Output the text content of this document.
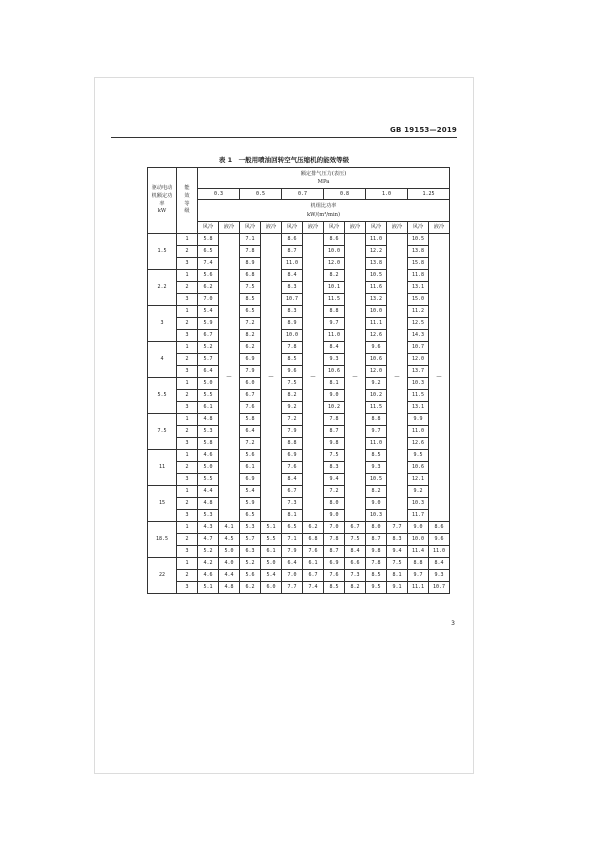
GB 19153—2019
表 1　一般用喷油回转空气压缩机的能效等级
驱动电动机额定功率
kW	能效等级	额定排气压力(表压)
MPa											
		0.3		0.5		0.7		0.8		1.0		1.25	

		机组比功率
kW/(m³/min)											
		风冷	液冷	风冷	液冷	风冷	液冷	风冷	液冷	风冷	液冷	风冷	液冷
1.5	1	5.8	—	7.1	—	8.6	—	8.6	—	11.0	—	10.5	—
	2	6.5		7.8		8.7		10.0		12.2		13.8	
	3	7.4		8.9		11.0		12.0		13.8		15.8	
2.2	1	5.6		6.8		8.4		8.2		10.5		11.8	
	2	6.2		7.5		8.3		10.1		11.6		13.1	
	3	7.0		8.5		10.7		11.5		13.2		15.0	
3	1	5.4		6.5		8.3		8.8		10.0		11.2	
	2	5.9		7.2		8.9		9.7		11.1		12.5	
	3	6.7		8.2		10.0		11.0		12.6		14.3	
4	1	5.2		6.2		7.8		8.4		9.6		10.7	
	2	5.7		6.9		8.5		9.3		10.6		12.0	
	3	6.4		7.9		9.6		10.6		12.0		13.7	
5.5	1	5.0		6.0		7.5		8.1		9.2		10.3	
	2	5.5		6.7		8.2		9.0		10.2		11.5	
	3	6.1		7.6		9.2		10.2		11.5		13.1	
7.5	1	4.8		5.8		7.2		7.8		8.8		9.9	
	2	5.3		6.4		7.9		8.7		9.7		11.0	
	3	5.8		7.2		8.8		9.8		11.0		12.6	
11	1	4.6		5.6		6.9		7.5		8.5		9.5	
	2	5.0		6.1		7.6		8.3		9.3		10.6	
	3	5.5		6.9		8.4		9.4		10.5		12.1	
15	1	4.4		5.4		6.7		7.2		8.2		9.2	
	2	4.8		5.9		7.3		8.0		9.0		10.3	
	3	5.3		6.5		8.1		9.0		10.3		11.7	
18.5	1	4.3	4.1	5.3	5.1	6.5	6.2	7.0	6.7	8.0	7.7	9.0	8.6
	2	4.7	4.5	5.7	5.5	7.1	6.8	7.8	7.5	8.7	8.3	10.0	9.6
	3	5.2	5.0	6.3	6.1	7.9	7.6	8.7	8.4	9.8	9.4	11.4	11.0
22	1	4.2	4.0	5.2	5.0	6.4	6.1	6.9	6.6	7.8	7.5	8.8	8.4
	2	4.6	4.4	5.6	5.4	7.0	6.7	7.6	7.3	8.5	8.1	9.7	9.3
	3	5.1	4.8	6.2	6.0	7.7	7.4	8.5	8.2	9.5	9.1	11.1	10.7
3
